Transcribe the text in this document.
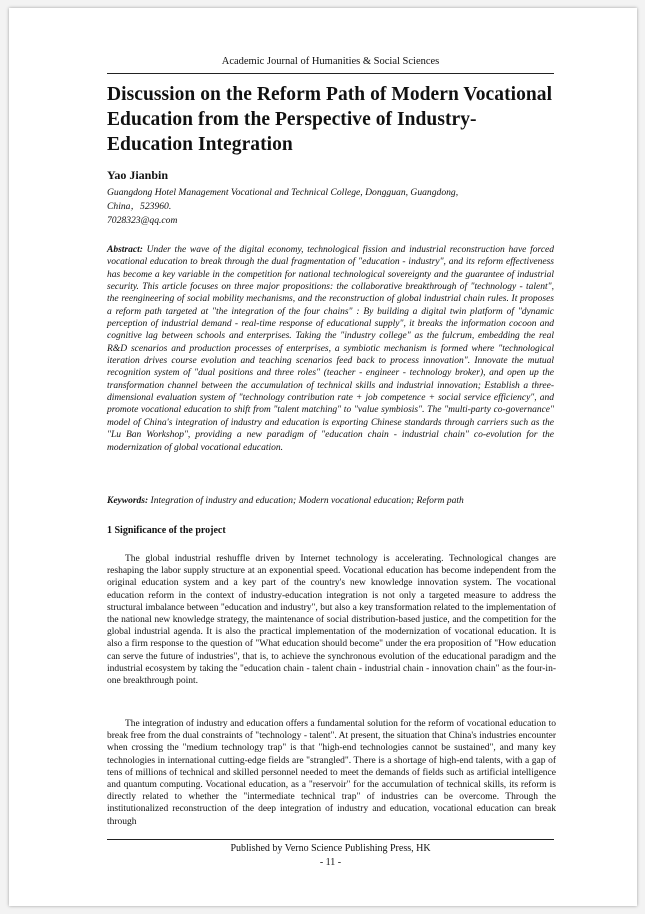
Academic Journal of Humanities & Social Sciences
Discussion on the Reform Path of Modern Vocational Education from the Perspective of Industry-Education Integration
Yao Jianbin
Guangdong Hotel Management Vocational and Technical College, Dongguan, Guangdong,
China，523960.
7028323@qq.com

Abstract: Under the wave of the digital economy, technological fission and industrial reconstruction have forced vocational education to break through the dual fragmentation of "education - industry", and its reform effectiveness has become a key variable in the competition for national technological sovereignty and the guarantee of industrial security. This article focuses on three major propositions: the collaborative breakthrough of "technology - talent", the reengineering of social mobility mechanisms, and the reconstruction of global industrial chain rules. It proposes a reform path targeted at "the integration of the four chains" : By building a digital twin platform of "dynamic perception of industrial demand - real-time response of educational supply", it breaks the information cocoon and cognitive lag between schools and enterprises. Taking the "industry college" as the fulcrum, embedding the real R&D scenarios and production processes of enterprises, a symbiotic mechanism is formed where "technological iteration drives course evolution and teaching scenarios feed back to process innovation". Innovate the mutual recognition system of "dual positions and three roles" (teacher - engineer - technology broker), and open up the transformation channel between the accumulation of technical skills and industrial innovation; Establish a three-dimensional evaluation system of "technology contribution rate + job competence + social service efficiency", and promote vocational education to shift from "talent matching" to "value symbiosis". The "multi-party co-governance" model of China's integration of industry and education is exporting Chinese standards through carriers such as the "Lu Ban Workshop", providing a new paradigm of "education chain - industrial chain" co-evolution for the modernization of global vocational education.

Keywords: Integration of industry and education; Modern vocational education; Reform path
1 Significance of the project

The global industrial reshuffle driven by Internet technology is accelerating. Technological changes are reshaping the labor supply structure at an exponential speed. Vocational education has become independent from the original education system and a key part of the country's new knowledge innovation system. The vocational education reform in the context of industry-education integration is not only a targeted measure to address the structural imbalance between "education and industry", but also a key transformation related to the implementation of the national new knowledge strategy, the maintenance of social distribution-based justice, and the competition for the global industrial agenda. It is also the practical implementation of the modernization of vocational education. It is also a firm response to the question of "What education should become" under the era proposition of "How education can serve the future of industries", that is, to achieve the synchronous evolution of the educational paradigm and the industrial ecosystem by taking the "education chain - talent chain - industrial chain - innovation chain" as the four-in-one breakthrough point.

The integration of industry and education offers a fundamental solution for the reform of vocational education to break free from the dual constraints of "technology - talent". At present, the situation that China's industries encounter when crossing the "medium technology trap" is that "high-end technologies cannot be sustained", and many key technologies in international cutting-edge fields are "strangled". There is a shortage of high-end talents, with a gap of tens of millions of technical and skilled personnel needed to meet the demands of fields such as artificial intelligence and quantum computing. Vocational education, as a "reservoir" for the accumulation of technical skills, its reform is directly related to whether the "intermediate technical trap" of industries can be overcome. Through the institutionalized reconstruction of the deep integration of industry and education, vocational education can break through

Published by Verno Science Publishing Press, HK
- 11 -
